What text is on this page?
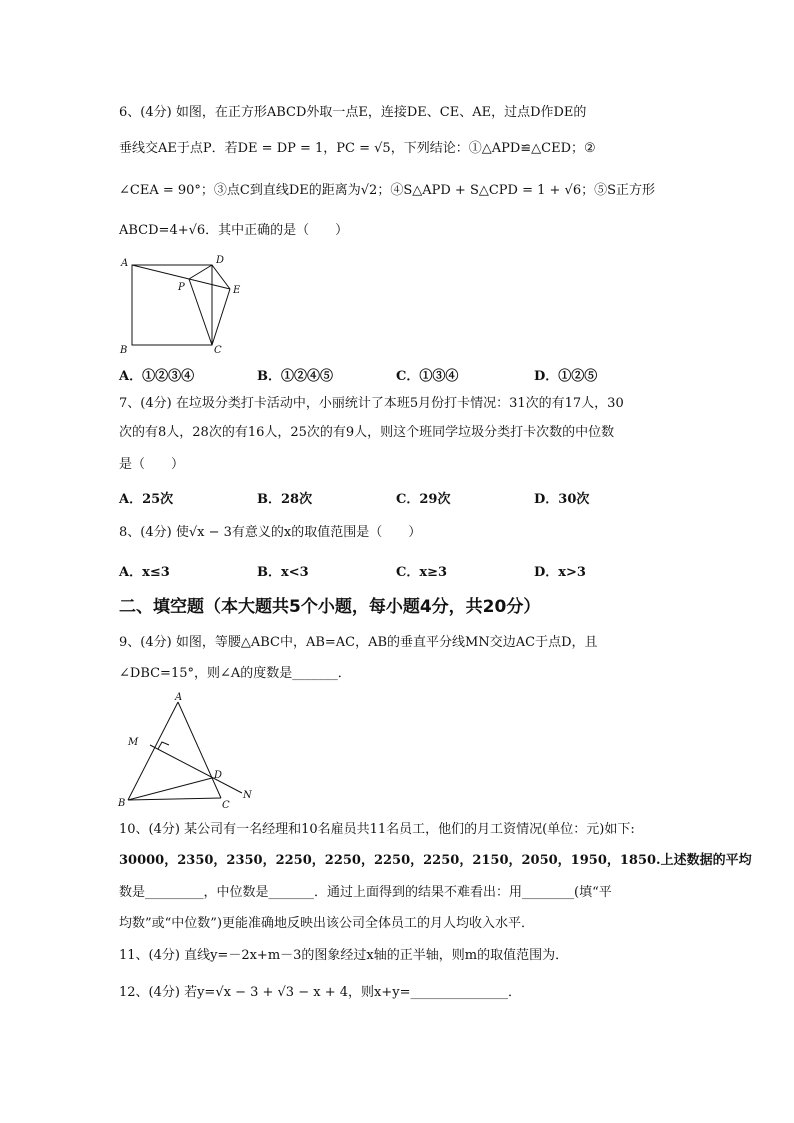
6、(4分) 如图，在正方形ABCD外取一点E，连接DE、CE、AE，过点D作DE的
垂线交AE于点P．若DE = DP = 1，PC = √5，下列结论：①△APD≌△CED；②
∠CEA = 90°；③点C到直线DE的距离为√2；④S△APD + S△CPD = 1 + √6；⑤S正方形
ABCD=4+√6．其中正确的是（　　）
A	D
P	E
B	C
A．①②③④	B．①②④⑤	C．①③④	D．①②⑤
7、(4分) 在垃圾分类打卡活动中，小丽统计了本班5月份打卡情况：31次的有17人，30
次的有8人，28次的有16人，25次的有9人，则这个班同学垃圾分类打卡次数的中位数
是（　　）
A．25次	B．28次	C．29次	D．30次
8、(4分) 使√x − 3有意义的x的取值范围是（　　）
A．x≤3	B．x<3	C．x≥3	D．x>3
二、填空题（本大题共5个小题，每小题4分，共20分）
9、(4分) 如图，等腰△ABC中，AB=AC，AB的垂直平分线MN交边AC于点D，且
∠DBC=15°，则∠A的度数是_______．
A
M
D
B	C
N
10、(4分) 某公司有一名经理和10名雇员共11名员工，他们的月工资情况(单位：元)如下:
30000，2350，2350，2250，2250，2250，2250，2150，2050，1950，1850.上述数据的平均
数是_________，中位数是_______．通过上面得到的结果不难看出：用________(填“平
均数”或“中位数”)更能准确地反映出该公司全体员工的月人均收入水平．
11、(4分) 直线y=－2x+m－3的图象经过x轴的正半轴，则m的取值范围为．
12、(4分) 若y=√x − 3 + √3 − x + 4，则x+y=_______________．
